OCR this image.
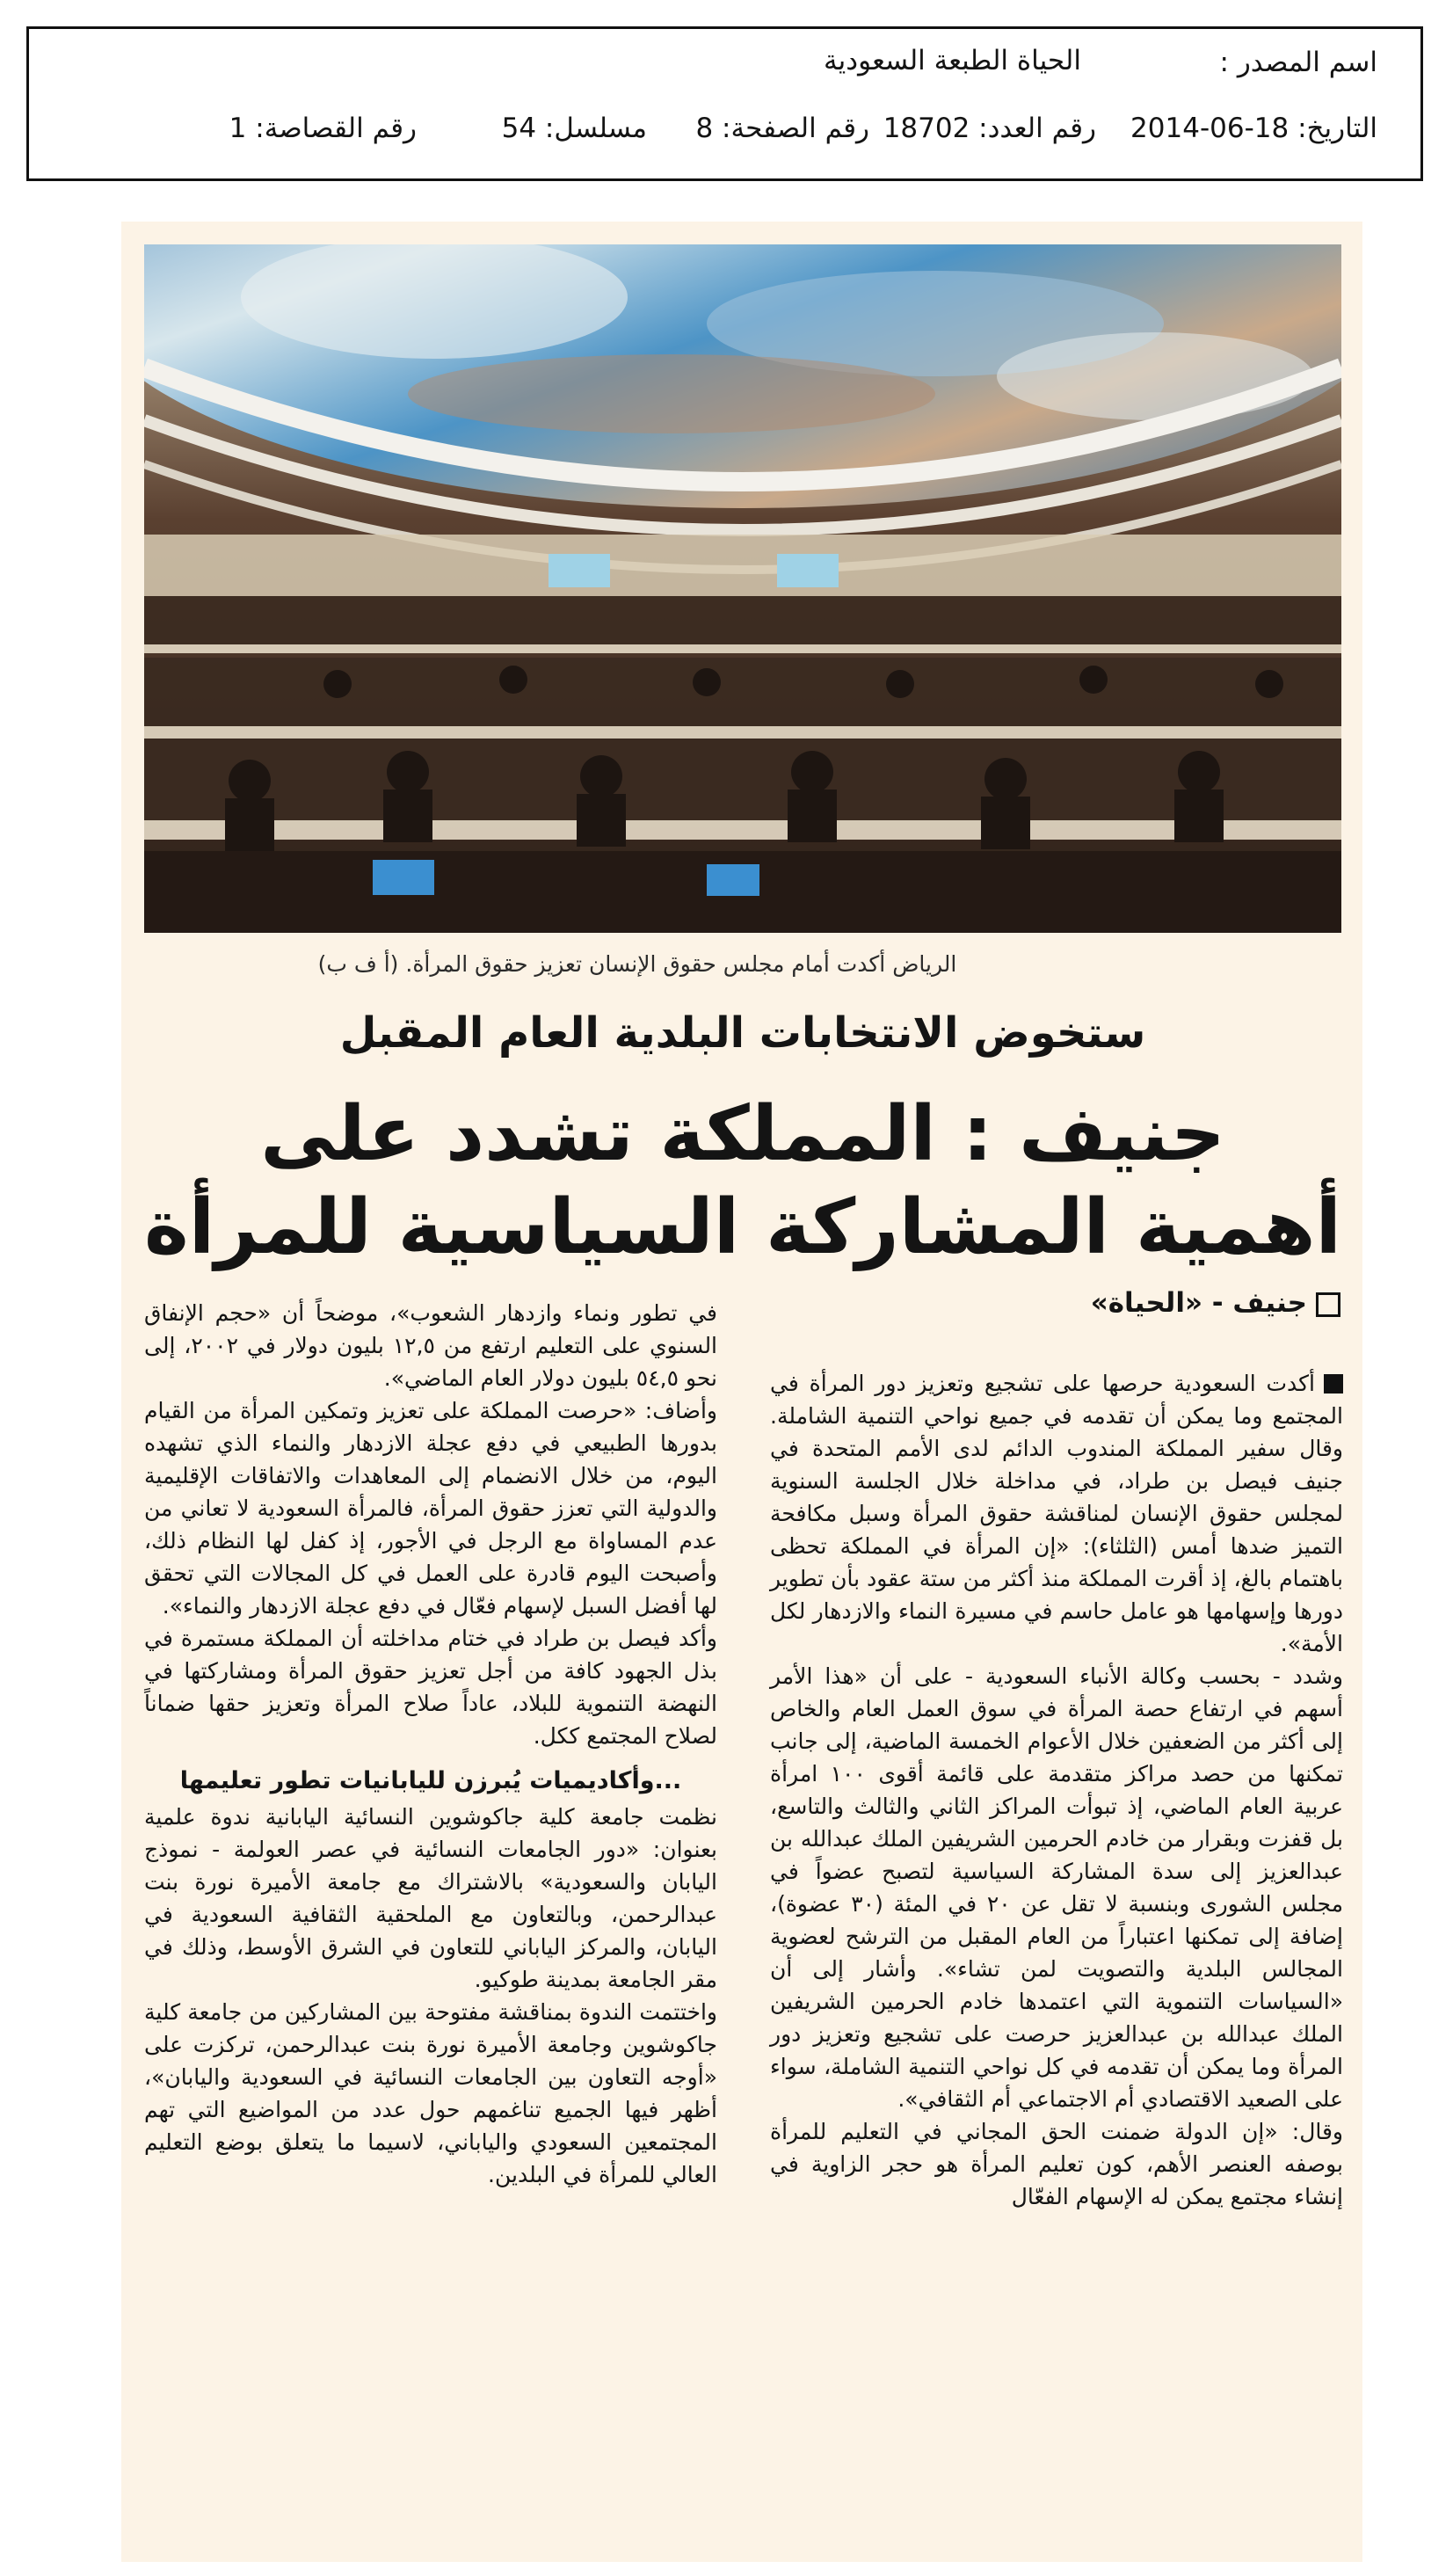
اسم المصدر :
الحياة الطبعة السعودية
التاريخ: 18-06-2014
رقم العدد: 18702
رقم الصفحة: 8
مسلسل: 54
رقم القصاصة: 1
الرياض أكدت أمام مجلس حقوق الإنسان تعزيز حقوق المرأة. (أ ف ب)
ستخوض الانتخابات البلدية العام المقبل
جنيف : المملكة تشدد على
أهمية المشاركة السياسية للمرأة
جنيف - «الحياة»

أكدت السعودية حرصها على تشجيع وتعزيز دور المرأة في المجتمع وما يمكن أن تقدمه في جميع نواحي التنمية الشاملة. وقال سفير المملكة المندوب الدائم لدى الأمم المتحدة في جنيف فيصل بن طراد، في مداخلة خلال الجلسة السنوية لمجلس حقوق الإنسان لمناقشة حقوق المرأة وسبل مكافحة التميز ضدها أمس (الثلثاء): «إن المرأة في المملكة تحظى باهتمام بالغ، إذ أقرت المملكة منذ أكثر من ستة عقود بأن تطوير دورها وإسهامها هو عامل حاسم في مسيرة النماء والازدهار لكل الأمة».

وشدد - بحسب وكالة الأنباء السعودية - على أن «هذا الأمر أسهم في ارتفاع حصة المرأة في سوق العمل العام والخاص إلى أكثر من الضعفين خلال الأعوام الخمسة الماضية، إلى جانب تمكنها من حصد مراكز متقدمة على قائمة أقوى ١٠٠ امرأة عربية العام الماضي، إذ تبوأت المراكز الثاني والثالث والتاسع، بل قفزت وبقرار من خادم الحرمين الشريفين الملك عبدالله بن عبدالعزيز إلى سدة المشاركة السياسية لتصبح عضواً في مجلس الشورى وبنسبة لا تقل عن ٢٠ في المئة (٣٠ عضوة)، إضافة إلى تمكنها اعتباراً من العام المقبل من الترشح لعضوية المجالس البلدية والتصويت لمن تشاء». وأشار إلى أن «السياسات التنموية التي اعتمدها خادم الحرمين الشريفين الملك عبدالله بن عبدالعزيز حرصت على تشجيع وتعزيز دور المرأة وما يمكن أن تقدمه في كل نواحي التنمية الشاملة، سواء على الصعيد الاقتصادي أم الاجتماعي أم الثقافي».

وقال: «إن الدولة ضمنت الحق المجاني في التعليم للمرأة بوصفه العنصر الأهم، كون تعليم المرأة هو حجر الزاوية في إنشاء مجتمع يمكن له الإسهام الفعّال

في تطور ونماء وازدهار الشعوب»، موضحاً أن «حجم الإنفاق السنوي على التعليم ارتفع من ١٢,٥ بليون دولار في ٢٠٠٢، إلى نحو ٥٤,٥ بليون دولار العام الماضي».

وأضاف: «حرصت المملكة على تعزيز وتمكين المرأة من القيام بدورها الطبيعي في دفع عجلة الازدهار والنماء الذي تشهده اليوم، من خلال الانضمام إلى المعاهدات والاتفاقات الإقليمية والدولية التي تعزز حقوق المرأة، فالمرأة السعودية لا تعاني من عدم المساواة مع الرجل في الأجور، إذ كفل لها النظام ذلك، وأصبحت اليوم قادرة على العمل في كل المجالات التي تحقق لها أفضل السبل لإسهام فعّال في دفع عجلة الازدهار والنماء».

وأكد فيصل بن طراد في ختام مداخلته أن المملكة مستمرة في بذل الجهود كافة من أجل تعزيز حقوق المرأة ومشاركتها في النهضة التنموية للبلاد، عاداً صلاح المرأة وتعزيز حقها ضماناً لصلاح المجتمع ككل.

...وأكاديميات يُبرزن لليابانيات تطور تعليمها

نظمت جامعة كلية جاكوشوين النسائية اليابانية ندوة علمية بعنوان: «دور الجامعات النسائية في عصر العولمة - نموذج اليابان والسعودية» بالاشتراك مع جامعة الأميرة نورة بنت عبدالرحمن، وبالتعاون مع الملحقية الثقافية السعودية في اليابان، والمركز الياباني للتعاون في الشرق الأوسط، وذلك في مقر الجامعة بمدينة طوكيو.

واختتمت الندوة بمناقشة مفتوحة بين المشاركين من جامعة كلية جاكوشوين وجامعة الأميرة نورة بنت عبدالرحمن، تركزت على «أوجه التعاون بين الجامعات النسائية في السعودية واليابان»، أظهر فيها الجميع تناغمهم حول عدد من المواضيع التي تهم المجتمعين السعودي والياباني، لاسيما ما يتعلق بوضع التعليم العالي للمرأة في البلدين.
